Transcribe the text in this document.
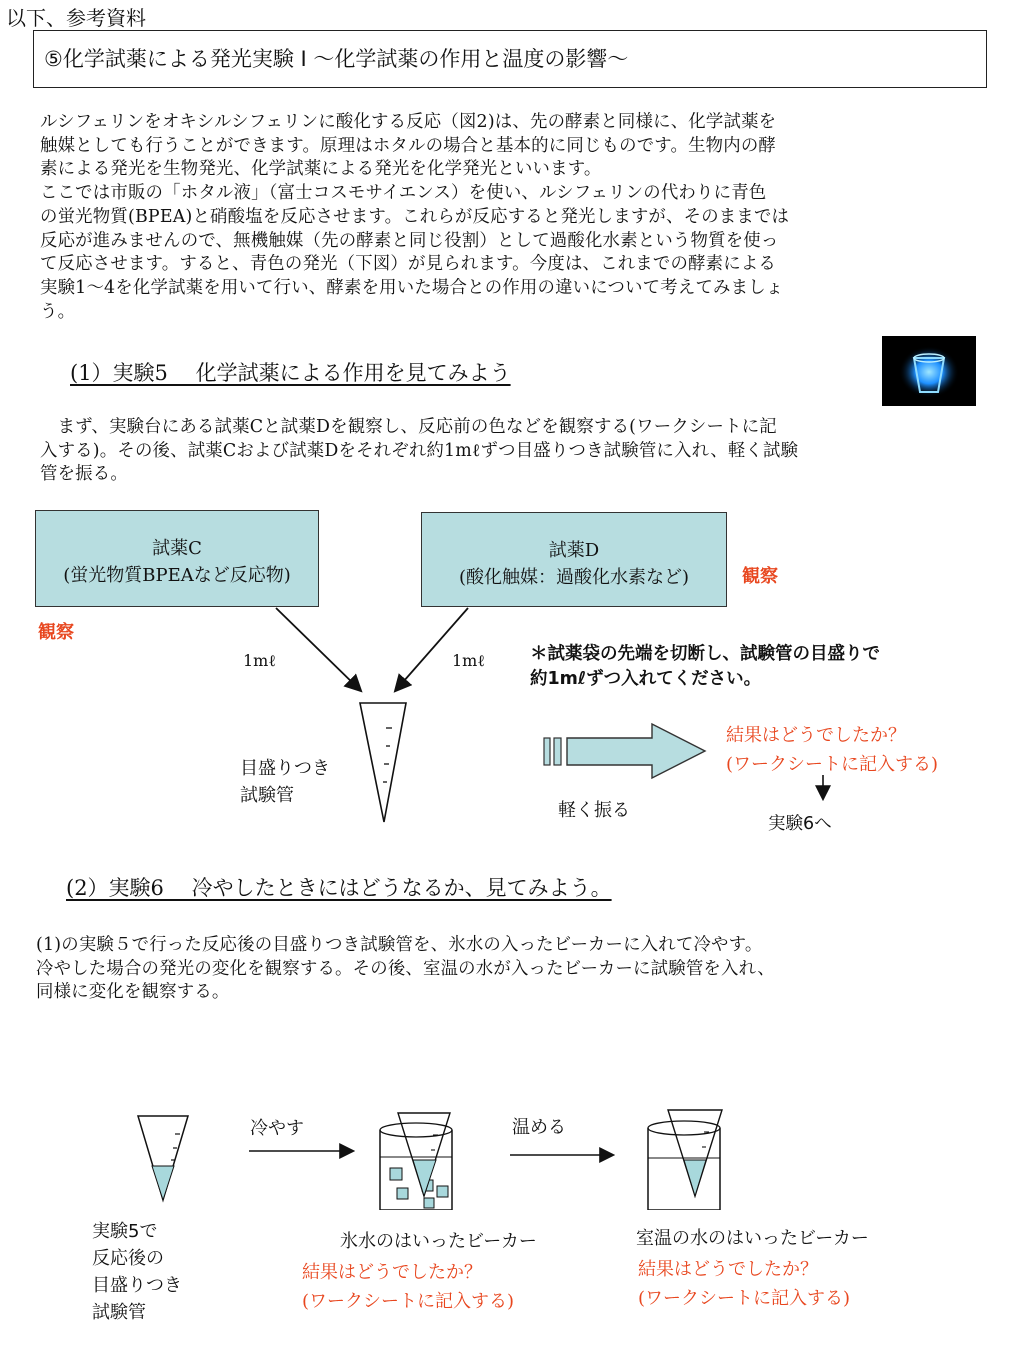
以下、参考資料
⑤化学試薬による発光実験 Ⅰ 〜化学試薬の作用と温度の影響〜
ルシフェリンをオキシルシフェリンに酸化する反応（図2)は、先の酵素と同様に、化学試薬を
触媒としても行うことができます。原理はホタルの場合と基本的に同じものです。生物内の酵
素による発光を生物発光、化学試薬による発光を化学発光といいます。
ここでは市販の「ホタル液」（富士コスモサイエンス）を使い、ルシフェリンの代わりに青色
の蛍光物質(BPEA)と硝酸塩を反応させます。これらが反応すると発光しますが、そのままでは
反応が進みませんので、無機触媒（先の酵素と同じ役割）として過酸化水素という物質を使っ
て反応させます。すると、青色の発光（下図）が見られます。今度は、これまでの酵素による
実験1〜4を化学試薬を用いて行い、酵素を用いた場合との作用の違いについて考えてみましょ
う。
(1）実験5　 化学試薬による作用を見てみよう
　まず、実験台にある試薬Cと試薬Dを観察し、反応前の色などを観察する(ワークシートに記
入する)。その後、試薬Cおよび試薬Dをそれぞれ約1mℓずつ目盛りつき試験管に入れ、軽く試験
管を振る。
試薬C
(蛍光物質BPEAなど反応物)
試薬D
(酸化触媒：過酸化水素など)
観察
観察
1mℓ	1mℓ	＊試薬袋の先端を切断し、試験管の目盛りで
約1mℓずつ入れてください。
目盛りつき
試験管
軽く振る
結果はどうでしたか？
(ワークシートに記入する)
実験6へ
(2）実験6　 冷やしたときにはどうなるか、見てみよう。
(1)の実験５で行った反応後の目盛りつき試験管を、氷水の入ったビーカーに入れて冷やす。
冷やした場合の発光の変化を観察する。その後、室温の水が入ったビーカーに試験管を入れ、
同様に変化を観察する。
冷やす	温める
実験5で
反応後の
目盛りつき
試験管
氷水のはいったビーカー	室温の水のはいったビーカー
結果はどうでしたか？
(ワークシートに記入する)
結果はどうでしたか？
(ワークシートに記入する)
